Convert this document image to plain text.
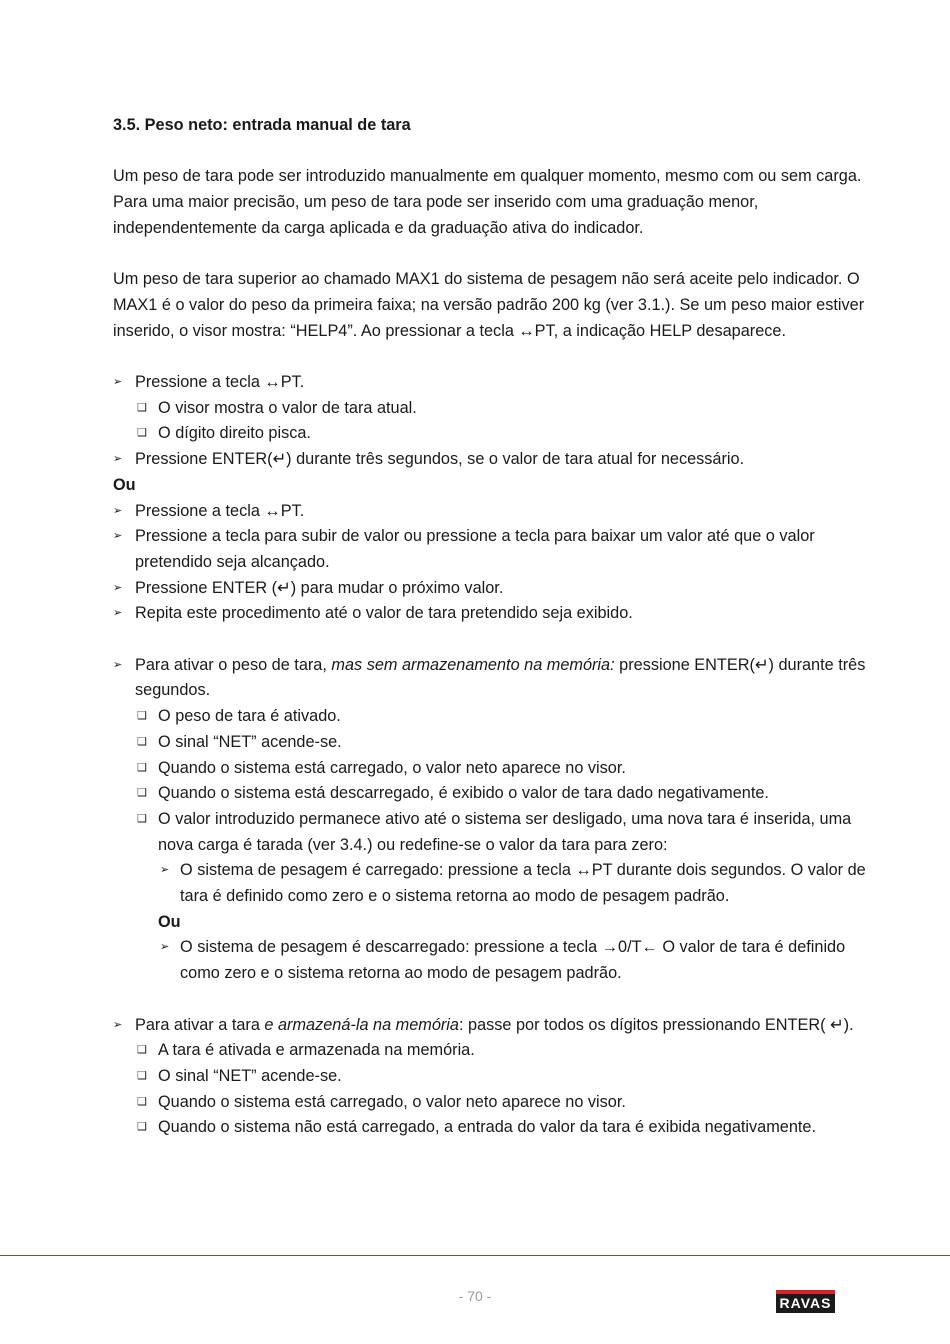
3.5. Peso neto: entrada manual de tara

Um peso de tara pode ser introduzido manualmente em qualquer momento, mesmo com ou sem carga. Para uma maior precisão, um peso de tara pode ser inserido com uma graduação menor, independentemente da carga aplicada e da graduação ativa do indicador.

Um peso de tara superior ao chamado MAX1 do sistema de pesagem não será aceite pelo indicador. O MAX1 é o valor do peso da primeira faixa; na versão padrão 200 kg (ver 3.1.). Se um peso maior estiver inserido, o visor mostra: “HELP4”. Ao pressionar a tecla ↔PT, a indicação HELP desaparece.

➢ Pressione a tecla ↔PT.
❑ O visor mostra o valor de tara atual.
❑ O dígito direito pisca.
➢ Pressione ENTER(↵) durante três segundos, se o valor de tara atual for necessário.
Ou
➢ Pressione a tecla ↔PT.
➢ Pressione a tecla para subir de valor ou pressione a tecla para baixar um valor até que o valor pretendido seja alcançado.
➢ Pressione ENTER (↵) para mudar o próximo valor.
➢ Repita este procedimento até o valor de tara pretendido seja exibido.
➢ Para ativar o peso de tara, mas sem armazenamento na memória: pressione ENTER(↵) durante três segundos.
❑ O peso de tara é ativado.
❑ O sinal “NET” acende-se.
❑ Quando o sistema está carregado, o valor neto aparece no visor.
❑ Quando o sistema está descarregado, é exibido o valor de tara dado negativamente.
❑ O valor introduzido permanece ativo até o sistema ser desligado, uma nova tara é inserida, uma nova carga é tarada (ver 3.4.) ou redefine-se o valor da tara para zero:
➢ O sistema de pesagem é carregado: pressione a tecla ↔PT durante dois segundos. O valor de tara é definido como zero e o sistema retorna ao modo de pesagem padrão.
Ou
➢ O sistema de pesagem é descarregado: pressione a tecla →0/T← O valor de tara é definido como zero e o sistema retorna ao modo de pesagem padrão.
➢ Para ativar a tara e armazená-la na memória: passe por todos os dígitos pressionando ENTER( ↵).
❑ A tara é ativada e armazenada na memória.
❑ O sinal “NET” acende-se.
❑ Quando o sistema está carregado, o valor neto aparece no visor.
❑ Quando o sistema não está carregado, a entrada do valor da tara é exibida negativamente.
- 70 -	RAVAS
